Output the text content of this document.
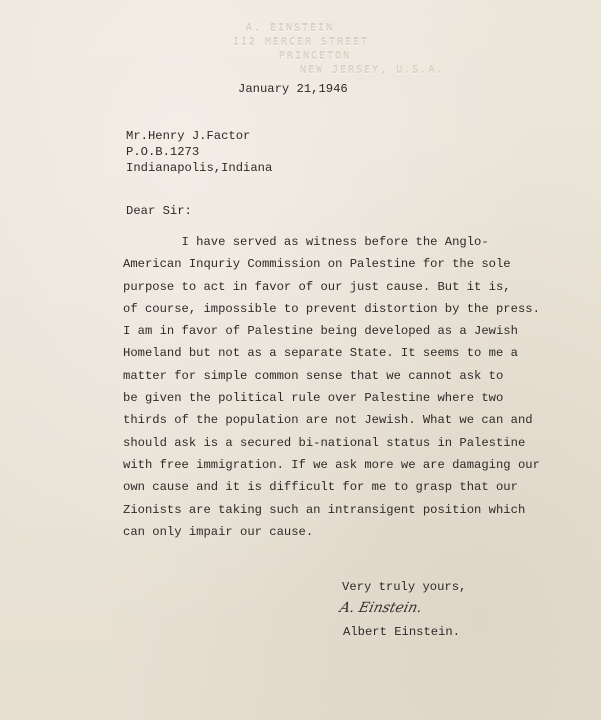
A. EINSTEIN
112 MERCER STREET
PRINCETON
NEW JERSEY, U.S.A.
January 21,1946
Mr.Henry J.Factor
P.O.B.1273
Indianapolis,Indiana
Dear Sir:
I have served as witness before the Anglo-
American Inquriy Commission on Palestine for the sole
purpose to act in favor of our just cause. But it is,
of course, impossible to prevent distortion by the press.
I am in favor of Palestine being developed as a Jewish
Homeland but not as a separate State. It seems to me a
matter for simple common sense that we cannot ask to
be given the political rule over Palestine where two
thirds of the population are not Jewish. What we can and
should ask is a secured bi-national status in Palestine
with free immigration. If we ask more we are damaging our
own cause and it is difficult for me to grasp that our
Zionists are taking such an intransigent position which
can only impair our cause.
Very truly yours,
A. Einstein.
Albert Einstein.
